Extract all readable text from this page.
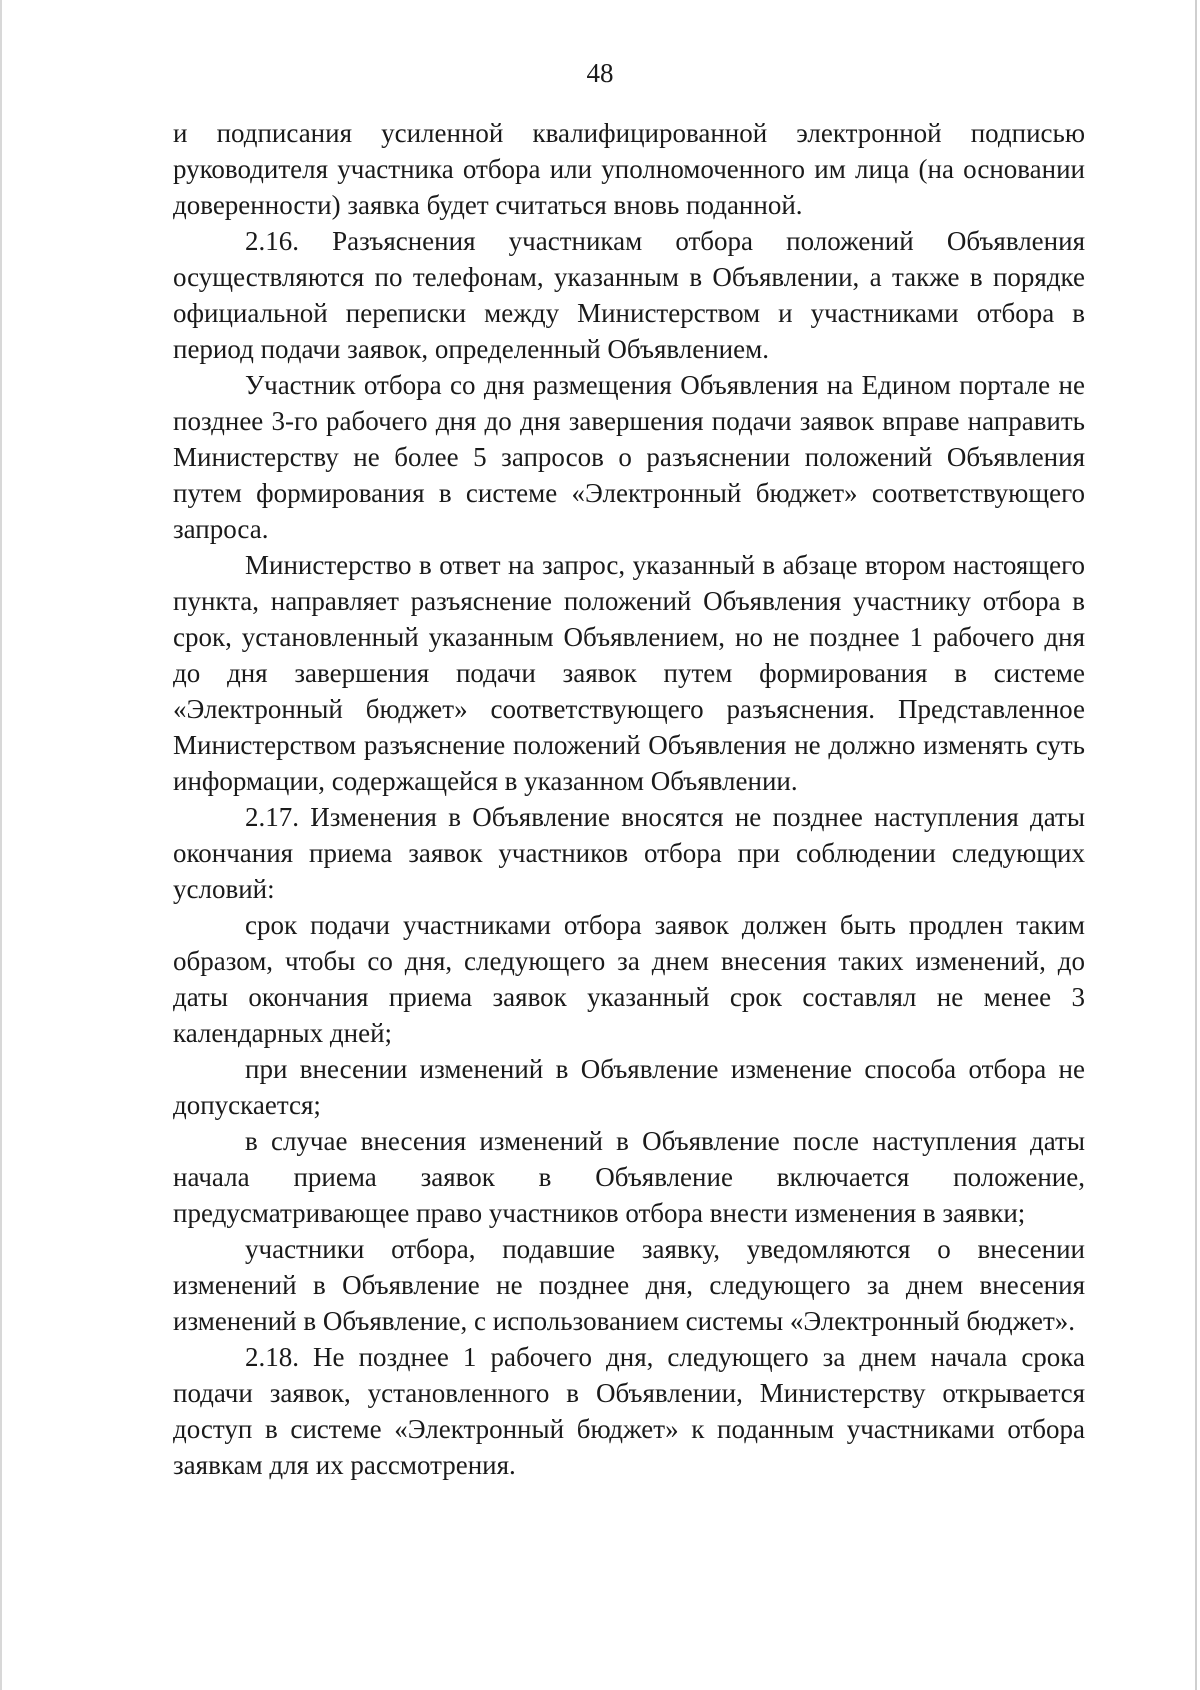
48

и подписания усиленной квалифицированной электронной подписью руководителя участника отбора или уполномоченного им лица (на основании доверенности) заявка будет считаться вновь поданной.

2.16. Разъяснения участникам отбора положений Объявления осуществляются по телефонам, указанным в Объявлении, а также в порядке официальной переписки между Министерством и участниками отбора в период подачи заявок, определенный Объявлением.

Участник отбора со дня размещения Объявления на Едином портале не позднее 3-го рабочего дня до дня завершения подачи заявок вправе направить Министерству не более 5 запросов о разъяснении положений Объявления путем формирования в системе «Электронный бюджет» соответствующего запроса.

Министерство в ответ на запрос, указанный в абзаце втором настоящего пункта, направляет разъяснение положений Объявления участнику отбора в срок, установленный указанным Объявлением, но не позднее 1 рабочего дня до дня завершения подачи заявок путем формирования в системе «Электронный бюджет» соответствующего разъяснения. Представленное Министерством разъяснение положений Объявления не должно изменять суть информации, содержащейся в указанном Объявлении.

2.17. Изменения в Объявление вносятся не позднее наступления даты окончания приема заявок участников отбора при соблюдении следующих условий:

срок подачи участниками отбора заявок должен быть продлен таким образом, чтобы со дня, следующего за днем внесения таких изменений, до даты окончания приема заявок указанный срок составлял не менее 3 календарных дней;

при внесении изменений в Объявление изменение способа отбора не допускается;

в случае внесения изменений в Объявление после наступления даты начала приема заявок в Объявление включается положение, предусматривающее право участников отбора внести изменения в заявки;

участники отбора, подавшие заявку, уведомляются о внесении изменений в Объявление не позднее дня, следующего за днем внесения изменений в Объявление, с использованием системы «Электронный бюджет».

2.18. Не позднее 1 рабочего дня, следующего за днем начала срока подачи заявок, установленного в Объявлении, Министерству открывается доступ в системе «Электронный бюджет» к поданным участниками отбора заявкам для их рассмотрения.
